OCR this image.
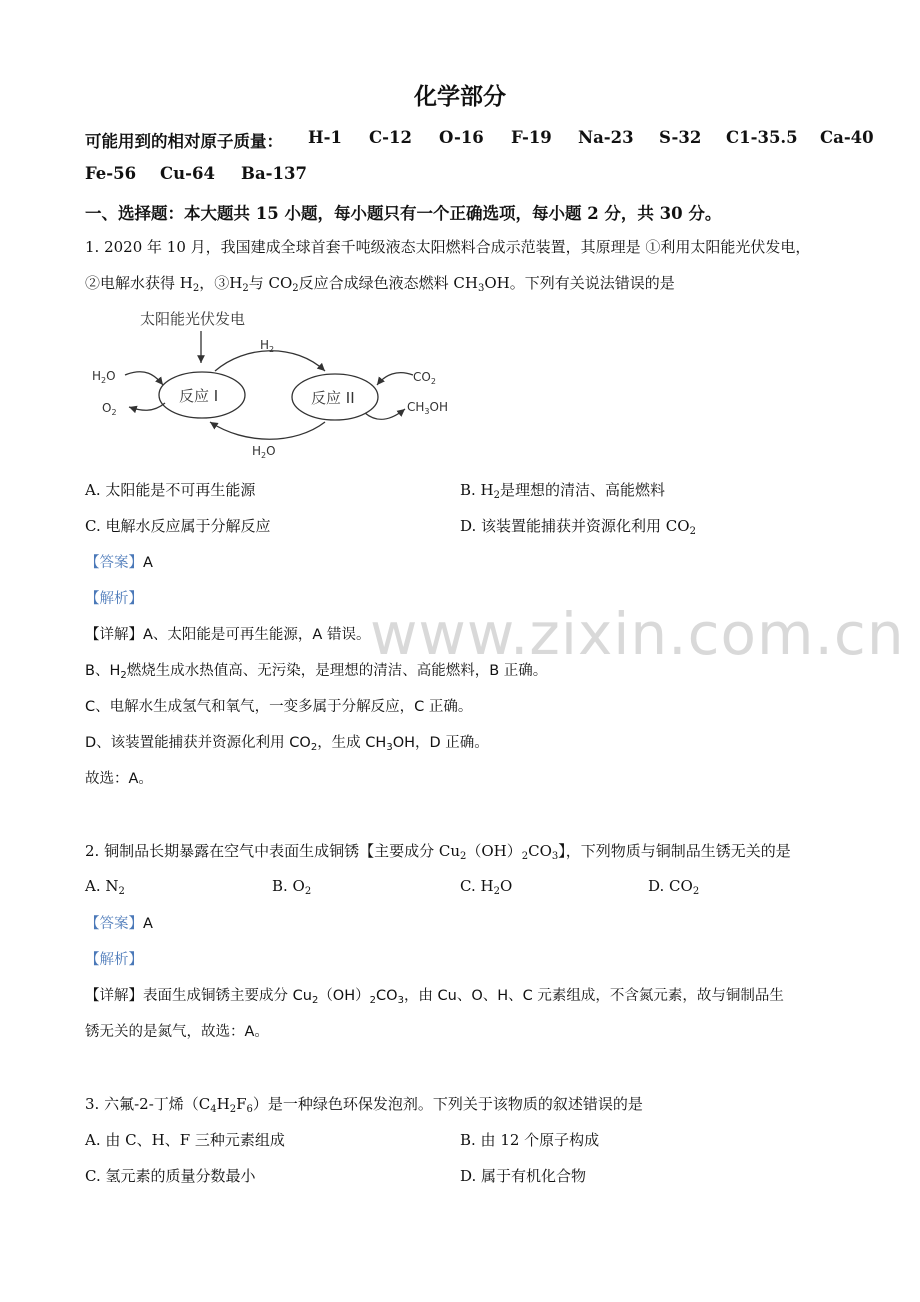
www.zixin.com.cn
化学部分
可能用到的相对原子质量： H-1 C-12 O-16 F-19 Na-23 S-32 C1-35.5 Ca-40
Fe-56 Cu-64 Ba-137
一、选择题：本大题共 15 小题，每小题只有一个正确选项，每小题 2 分，共 30 分。
1. 2020 年 10 月，我国建成全球首套千吨级液态太阳燃料合成示范装置，其原理是 ①利用太阳能光伏发电，
②电解水获得 $H_2$，$③H_2$与 $CO_2$反应合成绿色液态燃料 $CH_3OH$。下列有关说法错误的是
太阳能光伏发电
反应 I	反应 II
$H_2$
$H_2O$
$H_2O$
$O_2$
$CO_2$
$CH_3OH$
A. 太阳能是不可再生能源	B. $H_2$是理想的清洁、高能燃料
C. 电解水反应属于分解反应	D. 该装置能捕获并资源化利用 $CO_2$
【答案】A
【解析】
【详解】A、太阳能是可再生能源，A 错误。
B、$H_2$燃烧生成水热值高、无污染，是理想的清洁、高能燃料，B 正确。
C、电解水生成氢气和氧气，一变多属于分解反应，C 正确。
D、该装置能捕获并资源化利用 $CO_2$，生成 $CH_3OH$，D 正确。
故选：A。
2. 铜制品长期暴露在空气中表面生成铜锈【主要成分 $Cu_2(OH)_2CO_3$】，下列物质与铜制品生锈无关的是
A. $N_2$	B. $O_2$	C. $H_2O$	D. $CO_2$
【答案】A
【解析】
【详解】表面生成铜锈主要成分 $Cu_2(OH)_2CO_3$，由 Cu、O、H、C 元素组成，不含氮元素，故与铜制品生
锈无关的是氮气，故选：A。
3. 六氟-2-丁烯$(C_4H_2F_6)$是一种绿色环保发泡剂。下列关于该物质的叙述错误的是
A. 由 C、H、F 三种元素组成	B. 由 12 个原子构成
C. 氢元素的质量分数最小	D. 属于有机化合物
